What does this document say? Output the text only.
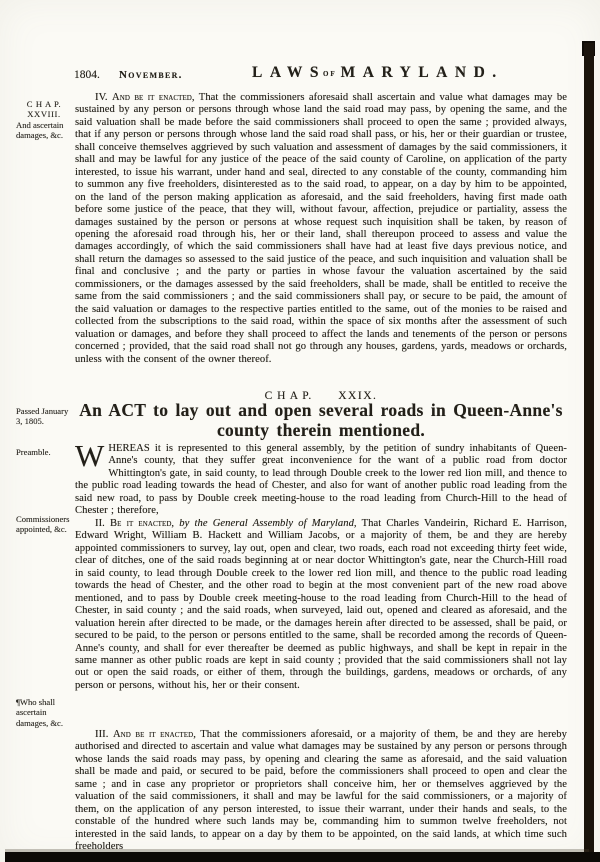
1804. November.	LAWSof MARYLAND.
C H A P.
XXVIII.
And ascertain damages, &c.

IV. And be it enacted, That the commissioners aforesaid shall ascertain and value what damages may be sustained by any person or persons through whose land the said road may pass, by opening the same, and the said valuation shall be made before the said commissioners shall proceed to open the same ; provided always, that if any person or persons through whose land the said road shall pass, or his, her or their guardian or trustee, shall conceive themselves aggrieved by such valuation and assessment of damages by the said commissioners, it shall and may be lawful for any justice of the peace of the said county of Caroline, on application of the party interested, to issue his warrant, under hand and seal, directed to any constable of the county, commanding him to summon any five freeholders, disinterested as to the said road, to appear, on a day by him to be appointed, on the land of the person making application as aforesaid, and the said freeholders, having first made oath before some justice of the peace, that they will, without favour, affection, prejudice or partiality, assess the damages sustained by the person or persons at whose request such inquisition shall be taken, by reason of opening the aforesaid road through his, her or their land, shall thereupon proceed to assess and value the damages accordingly, of which the said commissioners shall have had at least five days previous notice, and shall return the damages so assessed to the said justice of the peace, and such inquisition and valuation shall be final and conclusive ; and the party or parties in whose favour the valuation ascertained by the said commissioners, or the damages assessed by the said freeholders, shall be made, shall be entitled to receive the same from the said commissioners ; and the said commissioners shall pay, or secure to be paid, the amount of the said valuation or damages to the respective parties entitled to the same, out of the monies to be raised and collected from the subscriptions to the said road, within the space of six months after the assessment of such valuation or damages, and before they shall proceed to affect the lands and tenements of the person or persons concerned ; provided, that the said road shall not go through any houses, gardens, yards, meadows or orchards, unless with the consent of the owner thereof.

C H A P. XXIX.

An ACT to lay out and open several roads in Queen-Anne's county therein mentioned.

Passed January 3, 1805.
Preamble. WHEREAS it is represented to this general assembly, by the petition of sundry inhabitants of Queen-Anne's county, that they suffer great inconvenience for the want of a public road from doctor Whittington's gate, in said county, to lead through Double creek to the lower red lion mill, and thence to the public road leading towards the head of Chester, and also for want of another public road leading from the said new road, to pass by Double creek meeting-house to the road leading from Church-Hill to the head of Chester ; therefore,

Commissioners appointed, &c.

II. Be it enacted, by the General Assembly of Maryland, That Charles Vandeirin, Richard E. Harrison, Edward Wright, William B. Hackett and William Jacobs, or a majority of them, be and they are hereby appointed commissioners to survey, lay out, open and clear, two roads, each road not exceeding thirty feet wide, clear of ditches, one of the said roads beginning at or near doctor Whittington's gate, near the Church-Hill road in said county, to lead through Double creek to the lower red lion mill, and thence to the public road leading towards the head of Chester, and the other road to begin at the most convenient part of the new road above mentioned, and to pass by Double creek meeting-house to the road leading from Church-Hill to the head of Chester, in said county ; and the said roads, when surveyed, laid out, opened and cleared as aforesaid, and the valuation herein after directed to be made, or the damages herein after directed to be assessed, shall be paid, or secured to be paid, to the person or persons entitled to the same, shall be recorded among the records of Queen-Anne's county, and shall for ever thereafter be deemed as public highways, and shall be kept in repair in the same manner as other public roads are kept in said county ; provided that the said commissioners shall not lay out or open the said roads, or either of them, through the buildings, gardens, meadows or orchards, of any person or persons, without his, her or their consent.

¶Who shall ascertain damages, &c.

III. And be it enacted, That the commissioners aforesaid, or a majority of them, be and they are hereby authorised and directed to ascertain and value what damages may be sustained by any person or persons through whose lands the said roads may pass, by opening and clearing the same as aforesaid, and the said valuation shall be made and paid, or secured to be paid, before the commissioners shall proceed to open and clear the same ; and in case any proprietor or proprietors shall conceive him, her or themselves aggrieved by the valuation of the said commissioners, it shall and may be lawful for the said commissioners, or a majority of them, on the application of any person interested, to issue their warrant, under their hands and seals, to the constable of the hundred where such lands may be, commanding him to summon twelve freeholders, not interested in the said lands, to appear on a day by them to be appointed, on the said lands, at which time such freeholders
